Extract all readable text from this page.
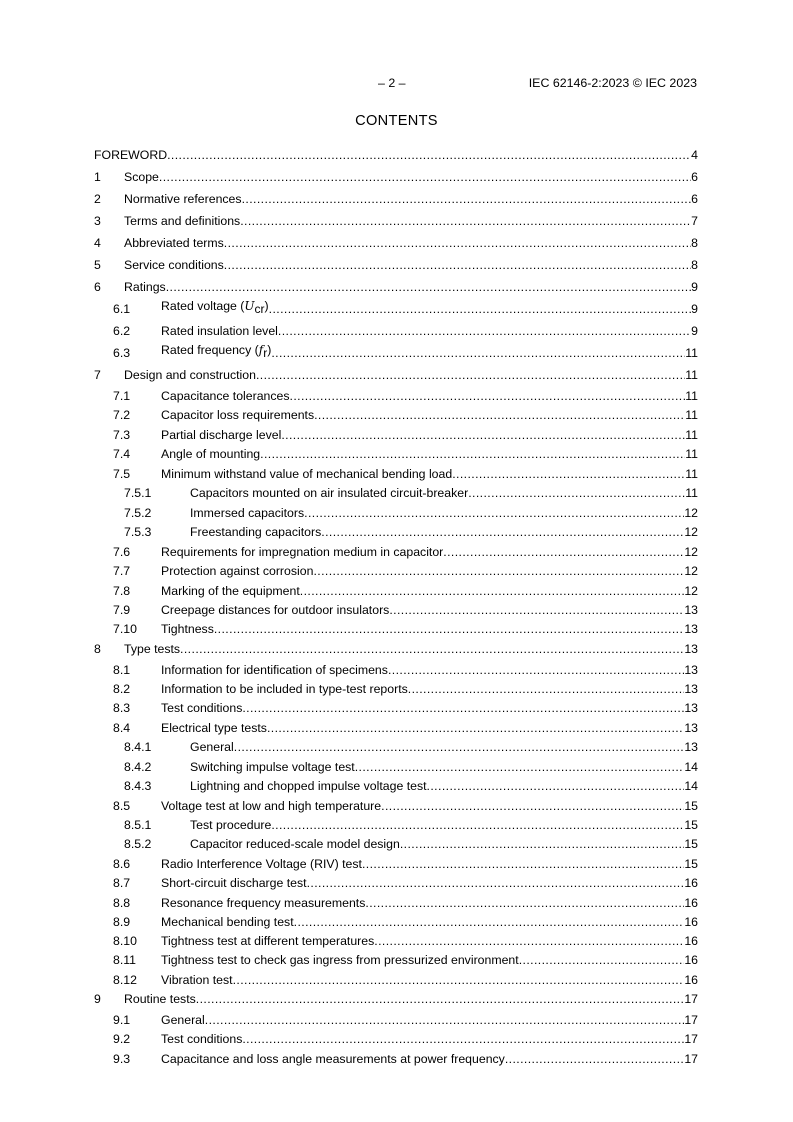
– 2 –	IEC 62146-2:2023 © IEC 2023
CONTENTS
FOREWORD .....	4
1	Scope .....	6
2	Normative references .....	6
3	Terms and definitions .....	7
4	Abbreviated terms .....	8
5	Service conditions .....	8
6	Ratings .....	9
6.1	Rated voltage (Ucr) .....	9
6.2	Rated insulation level .....	9
6.3	Rated frequency (fr) .....	11
7	Design and construction .....	11
7.1	Capacitance tolerances .....	11
7.2	Capacitor loss requirements .....	11
7.3	Partial discharge level .....	11
7.4	Angle of mounting .....	11
7.5	Minimum withstand value of mechanical bending load .....	11
7.5.1	Capacitors mounted on air insulated circuit-breaker .....	11
7.5.2	Immersed capacitors .....	12
7.5.3	Freestanding capacitors .....	12
7.6	Requirements for impregnation medium in capacitor .....	12
7.7	Protection against corrosion .....	12
7.8	Marking of the equipment .....	12
7.9	Creepage distances for outdoor insulators .....	13
7.10	Tightness .....	13
8	Type tests .....	13
8.1	Information for identification of specimens .....	13
8.2	Information to be included in type-test reports .....	13
8.3	Test conditions .....	13
8.4	Electrical type tests .....	13
8.4.1	General .....	13
8.4.2	Switching impulse voltage test .....	14
8.4.3	Lightning and chopped impulse voltage test .....	14
8.5	Voltage test at low and high temperature .....	15
8.5.1	Test procedure .....	15
8.5.2	Capacitor reduced-scale model design .....	15
8.6	Radio Interference Voltage (RIV) test .....	15
8.7	Short-circuit discharge test .....	16
8.8	Resonance frequency measurements .....	16
8.9	Mechanical bending test .....	16
8.10	Tightness test at different temperatures .....	16
8.11	Tightness test to check gas ingress from pressurized environment .....	16
8.12	Vibration test .....	16
9	Routine tests .....	17
9.1	General .....	17
9.2	Test conditions .....	17
9.3	Capacitance and loss angle measurements at power frequency .....	17
